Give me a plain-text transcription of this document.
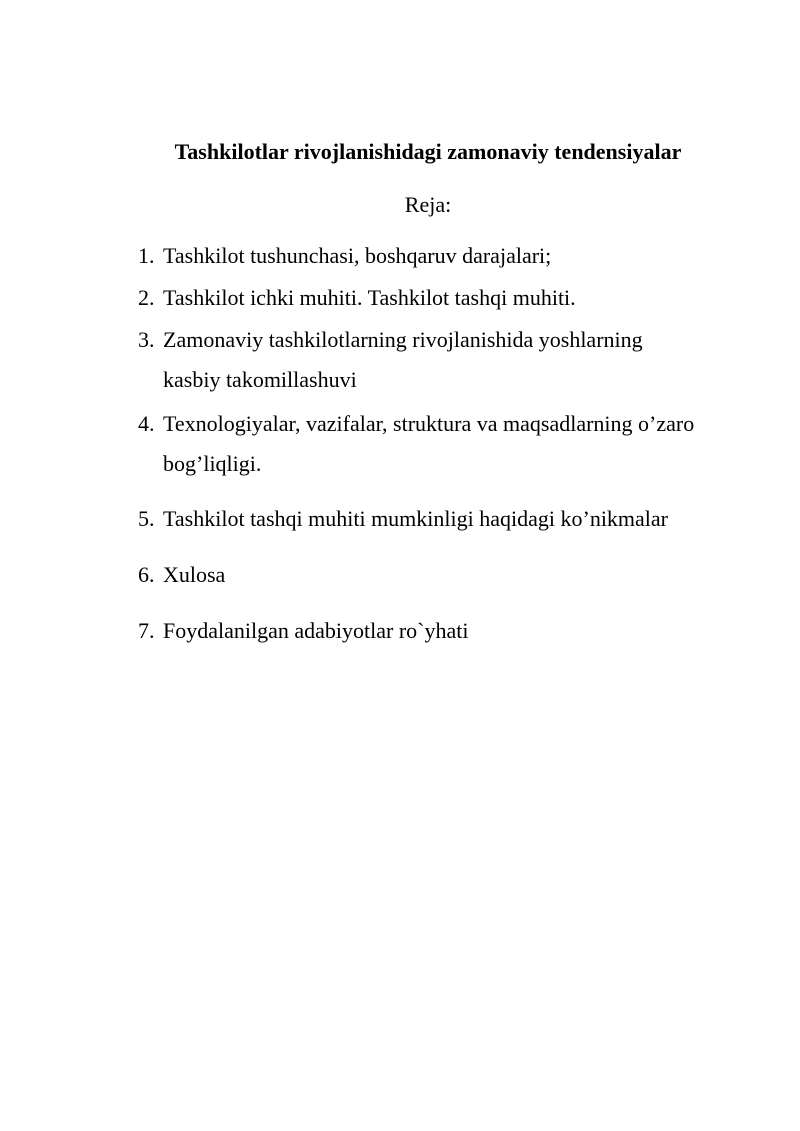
Tashkilotlar rivojlanishidagi zamonaviy tendensiyalar
Reja:
1. Tashkilot tushunchasi, boshqaruv darajalari;
2. Tashkilot ichki muhiti. Tashkilot tashqi muhiti.
3. Zamonaviy tashkilotlarning rivojlanishida yoshlarning kasbiy takomillashuvi
4. Texnologiyalar, vazifalar, struktura va maqsadlarning o’zaro bog’liqligi.
5. Tashkilot tashqi muhiti mumkinligi haqidagi ko’nikmalar
6. Xulosa
7. Foydalanilgan adabiyotlar ro`yhati
